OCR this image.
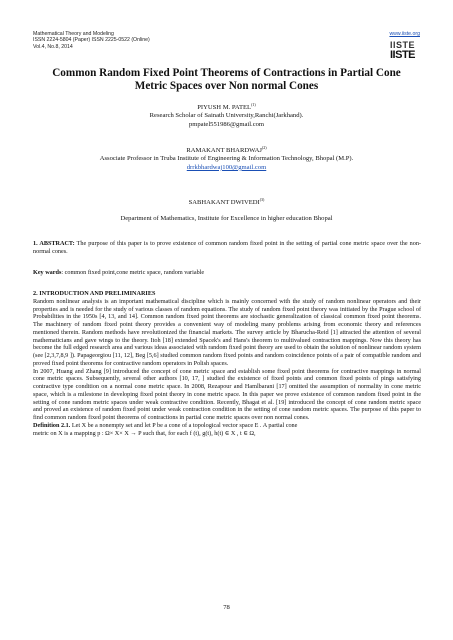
Mathematical Theory and Modeling
ISSN 2224-5804 (Paper) ISSN 2225-0522 (Online)
Vol.4, No.8, 2014
www.iiste.org
IISTE
IISTE
Common Random Fixed Point Theorems of Contractions in Partial Cone Metric Spaces over Non normal Cones
PIYUSH M. PATEL$^{(1)}$
Research Scholar of Sainath University,Ranchi(Jarkhand).
pmpatel551986@gmail.com
RAMAKANT BHARDWAJ$^{(2)}$
Associate Professor in Truba Institute of Engineering & Information Technology, Bhopal (M.P).
drrkbhardwaj100@gmail.com
SABHAKANT DWIVEDI$^{(3)}$
Department of Mathematics, Institute for Excellence in higher education Bhopal

1. ABSTRACT: The purpose of this paper is to prove existence of common random fixed point in the setting of partial cone metric space over the non-normal cones.

Key wards: common fixed point,cone metric space, random variable

2. INTRODUCTION AND PRELIMINARIES

Random nonlinear analysis is an important mathematical discipline which is mainly concerned with the study of random nonlinear operators and their properties and is needed for the study of various classes of random equations. The study of random fixed point theory was initiated by the Prague school of Probabilities in the 1950s [4, 13, and 14]. Common random fixed point theorems are stochastic generalization of classical common fixed point theorems. The machinery of random fixed point theory provides a convenient way of modeling many problems arising from economic theory and references mentioned therein. Random methods have revolutionized the financial markets. The survey article by Bharucha-Reid [1] attracted the attention of several mathematicians and gave wings to the theory. Itoh [18] extended Spacek's and Hans's theorem to multivalued contraction mappings. Now this theory has become the full edged research area and various ideas associated with random fixed point theory are used to obtain the solution of nonlinear random system (see [2,3,7,8,9 ]). Papageorgiou [11, 12], Beg [5,6] studied common random fixed points and random coincidence points of a pair of compatible random and proved fixed point theorems for contractive random operators in Polish spaces.

In 2007, Huang and Zhang [9] introduced the concept of cone metric space and establish some fixed point theorems for contractive mappings in normal cone metric spaces. Subsequently, several other authors [10, 17, ] studied the existence of fixed points and common fixed points of pings satisfying contractive type condition on a normal cone metric space. In 2008, Rezapour and Hamlbarani [17] omitted the assumption of normality in cone metric space, which is a milestone in developing fixed point theory in cone metric space. In this paper we prove existence of common random fixed point in the setting of cone random metric spaces under weak contractive condition. Recently, Bhagat et al. [19] introduced the concept of cone random metric space and proved an existence of random fixed point under weak contraction condition in the setting of cone random metric spaces. The purpose of this paper to find common random fixed point theorems of contractions in partial cone metric spaces over non normal cones.

Definition 2.1. Let X be a nonempty set and let P be a cone of a topological vector space E . A partial cone

metric on X is a mapping p : Ω× X× X → P such that, for each f (t), g(t), h(t) ∈ X , t ∈ Ω,

78
